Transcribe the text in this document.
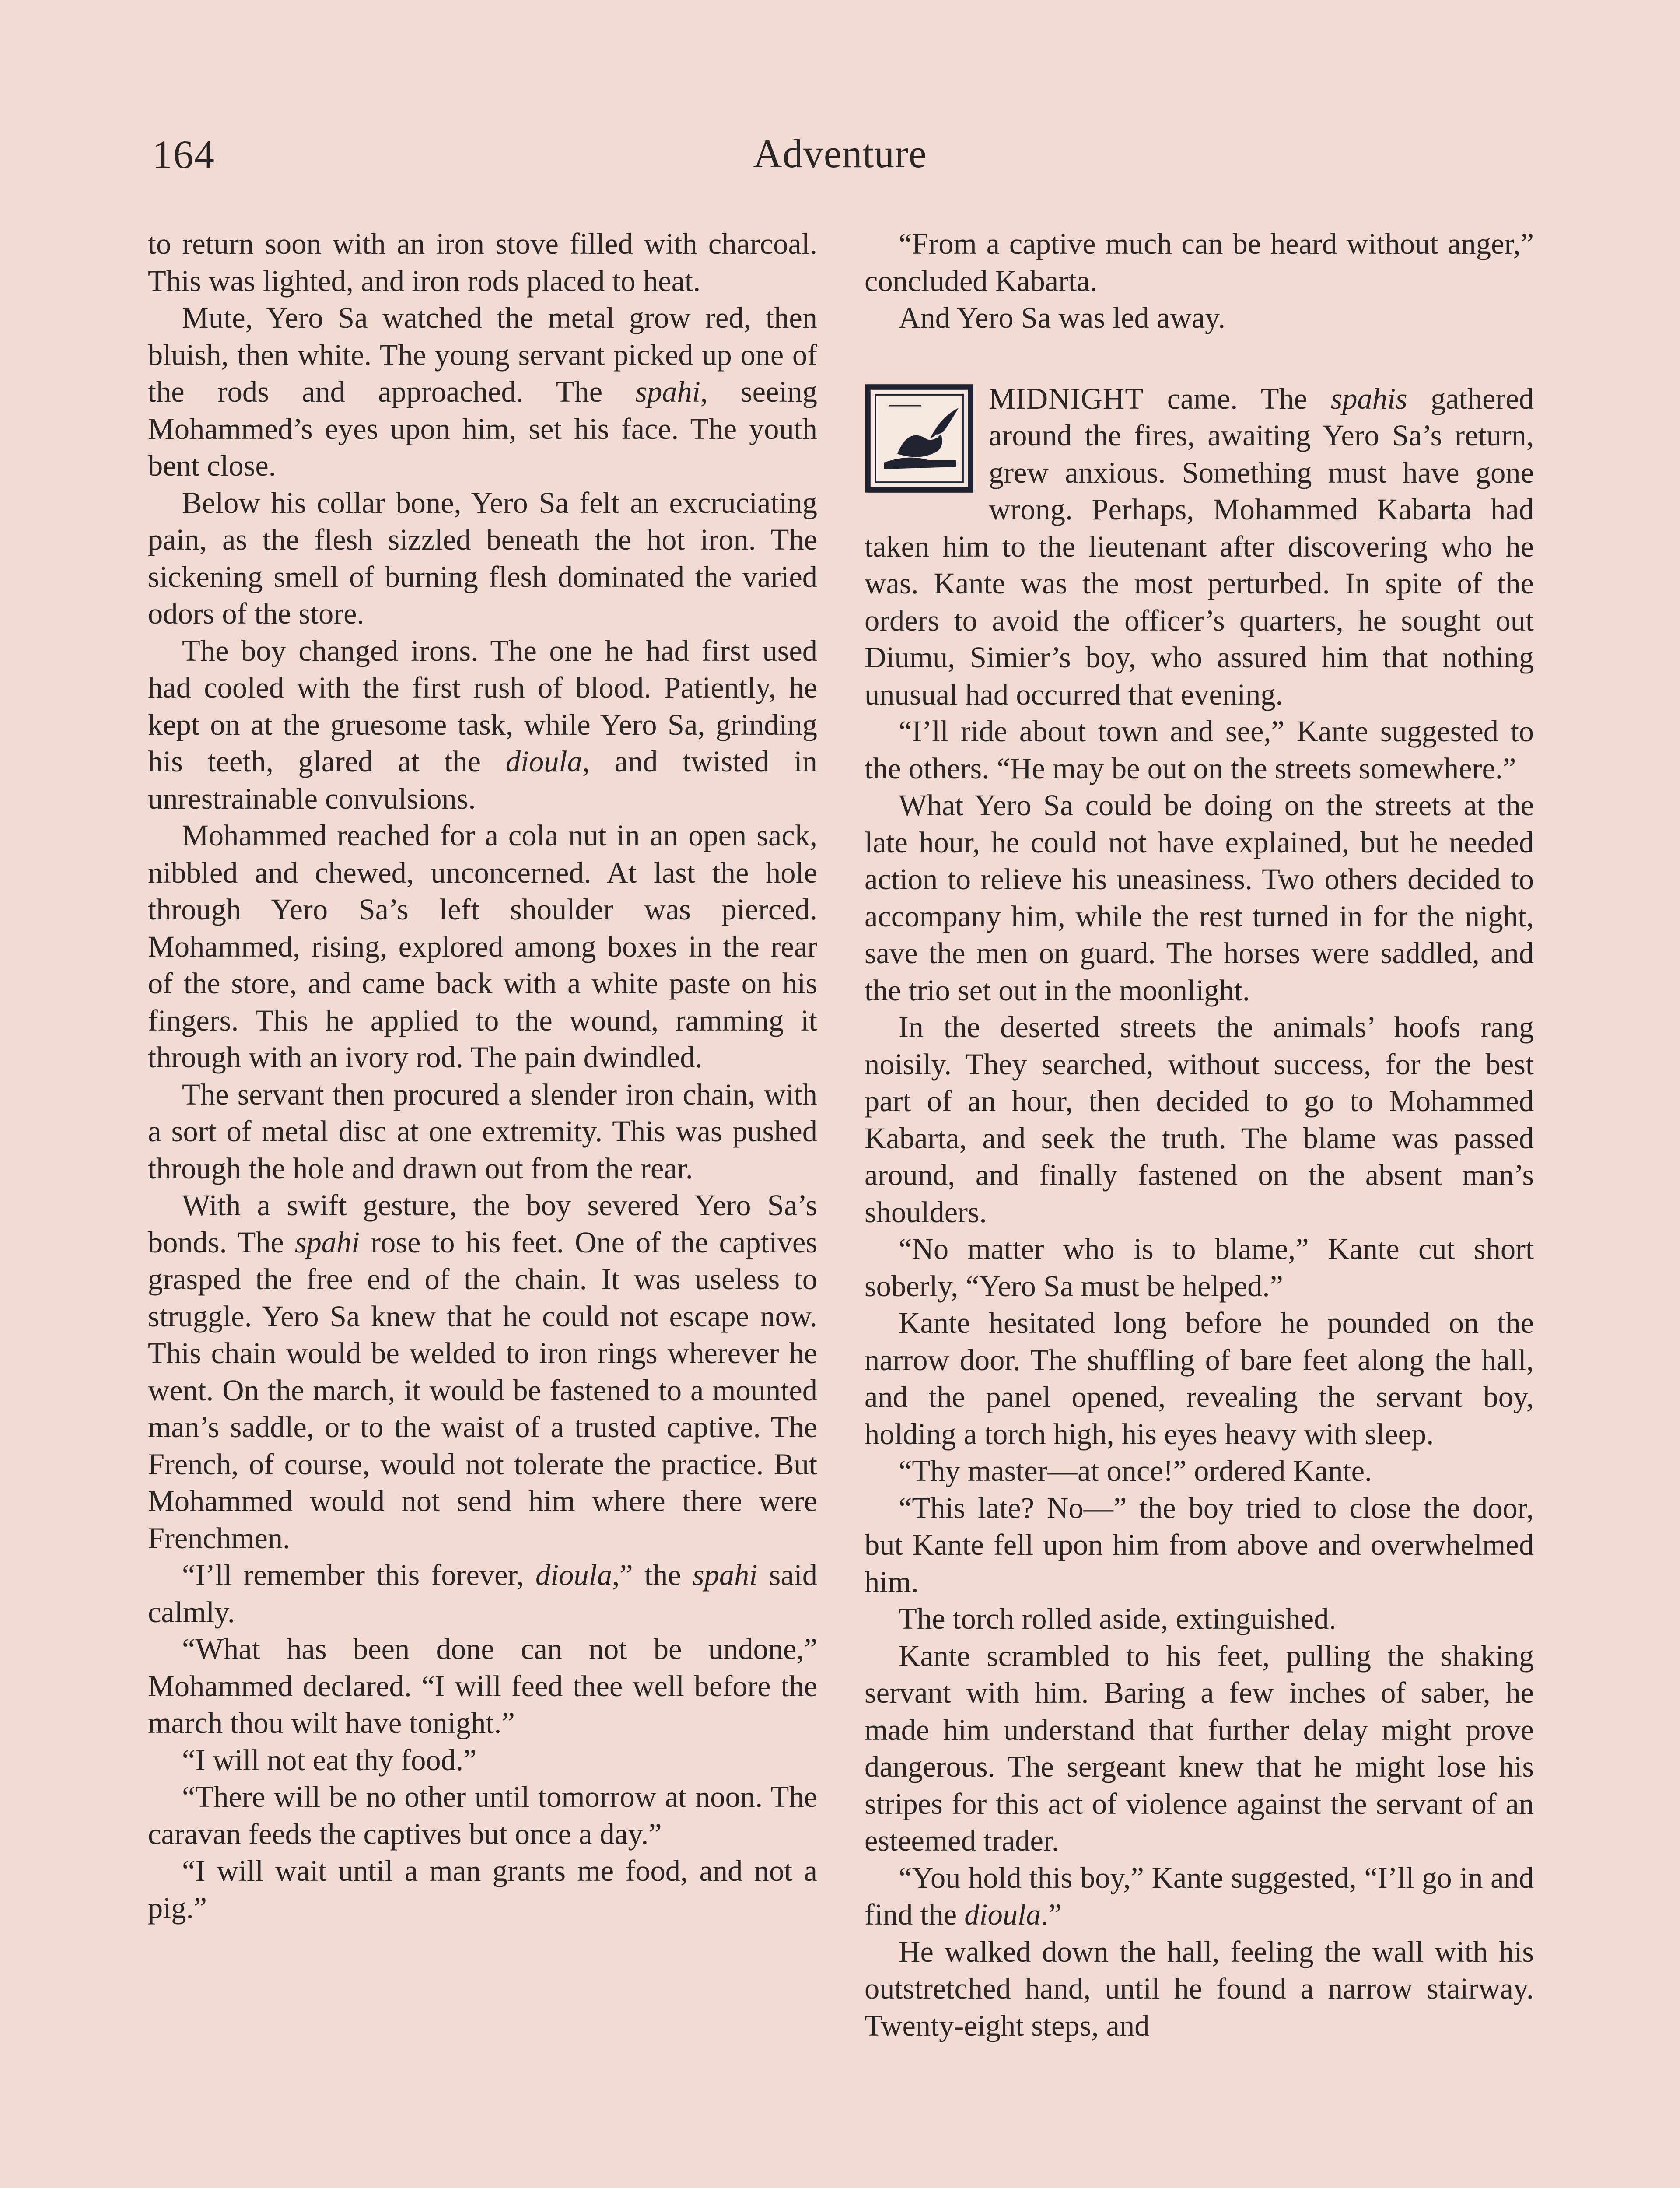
164	Adventure

to return soon with an iron stove filled with charcoal. This was lighted, and iron rods placed to heat.

Mute, Yero Sa watched the metal grow red, then bluish, then white. The young servant picked up one of the rods and approached. The spahi, seeing Mohammed’s eyes upon him, set his face. The youth bent close.

Below his collar bone, Yero Sa felt an excruciating pain, as the flesh sizzled beneath the hot iron. The sickening smell of burning flesh dominated the varied odors of the store.

The boy changed irons. The one he had first used had cooled with the first rush of blood. Patiently, he kept on at the gruesome task, while Yero Sa, grinding his teeth, glared at the dioula, and twisted in unrestrainable convulsions.

Mohammed reached for a cola nut in an open sack, nibbled and chewed, unconcerned. At last the hole through Yero Sa’s left shoulder was pierced. Mohammed, rising, explored among boxes in the rear of the store, and came back with a white paste on his fingers. This he applied to the wound, ramming it through with an ivory rod. The pain dwindled.

The servant then procured a slender iron chain, with a sort of metal disc at one extremity. This was pushed through the hole and drawn out from the rear.

With a swift gesture, the boy severed Yero Sa’s bonds. The spahi rose to his feet. One of the captives grasped the free end of the chain. It was useless to struggle. Yero Sa knew that he could not escape now. This chain would be welded to iron rings wherever he went. On the march, it would be fastened to a mounted man’s saddle, or to the waist of a trusted captive. The French, of course, would not tolerate the practice. But Mohammed would not send him where there were Frenchmen.

“I’ll remember this forever, dioula,” the spahi said calmly.

“What has been done can not be undone,” Mohammed declared. “I will feed thee well before the march thou wilt have tonight.”

“I will not eat thy food.”

“There will be no other until tomorrow at noon. The caravan feeds the captives but once a day.”

“I will wait until a man grants me food, and not a pig.”

“From a captive much can be heard without anger,” concluded Kabarta.

And Yero Sa was led away.

MIDNIGHT came. The spahis gathered around the fires, awaiting Yero Sa’s return, grew anxious. Something must have gone wrong. Perhaps, Mohammed Kabarta had taken him to the lieutenant after discovering who he was. Kante was the most perturbed. In spite of the orders to avoid the officer’s quarters, he sought out Diumu, Simier’s boy, who assured him that nothing unusual had occurred that evening.

“I’ll ride about town and see,” Kante suggested to the others. “He may be out on the streets somewhere.”

What Yero Sa could be doing on the streets at the late hour, he could not have explained, but he needed action to relieve his uneasiness. Two others decided to accompany him, while the rest turned in for the night, save the men on guard. The horses were saddled, and the trio set out in the moonlight.

In the deserted streets the animals’ hoofs rang noisily. They searched, without success, for the best part of an hour, then decided to go to Mohammed Kabarta, and seek the truth. The blame was passed around, and finally fastened on the absent man’s shoulders.

“No matter who is to blame,” Kante cut short soberly, “Yero Sa must be helped.”

Kante hesitated long before he pounded on the narrow door. The shuffling of bare feet along the hall, and the panel opened, revealing the servant boy, holding a torch high, his eyes heavy with sleep.

“Thy master—at once!” ordered Kante.

“This late? No—” the boy tried to close the door, but Kante fell upon him from above and overwhelmed him.

The torch rolled aside, extinguished.

Kante scrambled to his feet, pulling the shaking servant with him. Baring a few inches of saber, he made him understand that further delay might prove dangerous. The sergeant knew that he might lose his stripes for this act of violence against the servant of an esteemed trader.

“You hold this boy,” Kante suggested, “I’ll go in and find the dioula.”

He walked down the hall, feeling the wall with his outstretched hand, until he found a narrow stairway. Twenty-eight steps, and
